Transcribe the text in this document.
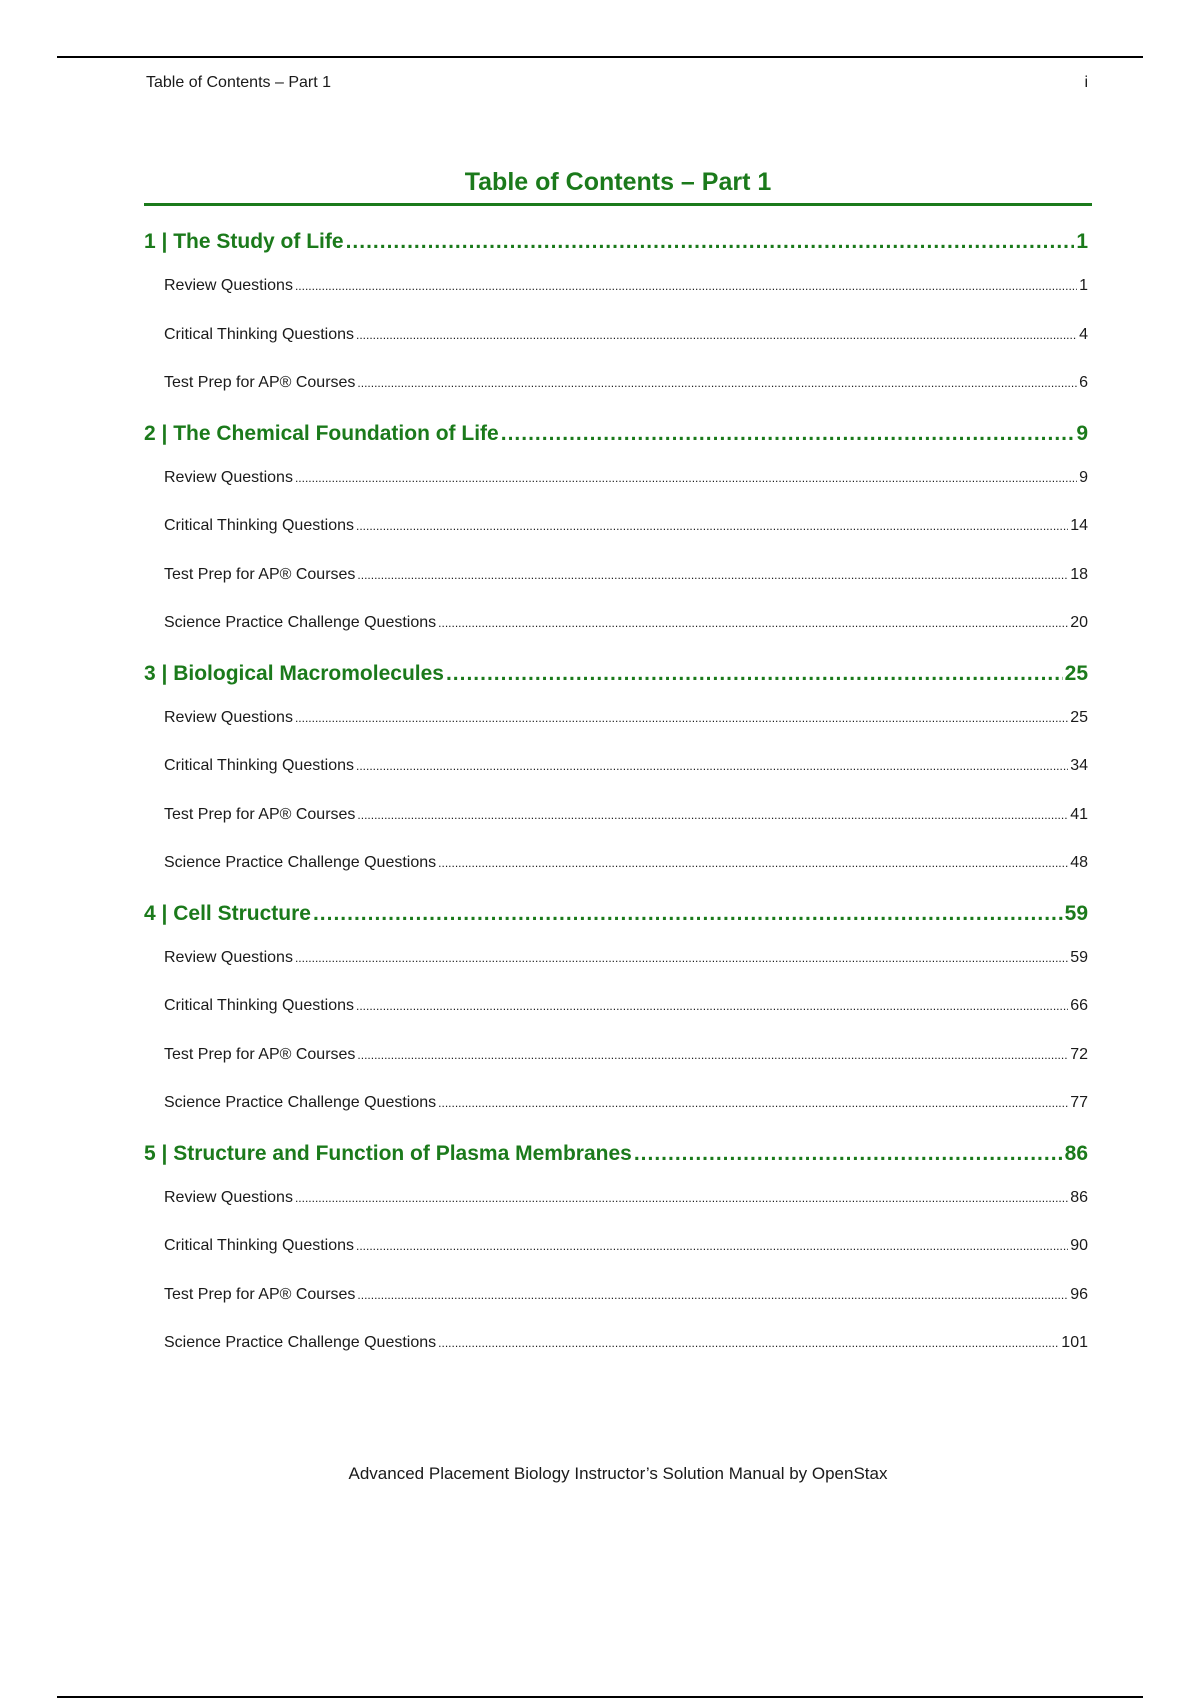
Table of Contents – Part 1	i
Table of Contents – Part 1
1 | The Study of Life .....	1
Review Questions .....	1
Critical Thinking Questions .....	4
Test Prep for AP® Courses .....	6
2 | The Chemical Foundation of Life .....	9
Review Questions .....	9
Critical Thinking Questions .....	14
Test Prep for AP® Courses .....	18
Science Practice Challenge Questions .....	20
3 | Biological Macromolecules .....	25
Review Questions .....	25
Critical Thinking Questions .....	34
Test Prep for AP® Courses .....	41
Science Practice Challenge Questions .....	48
4 | Cell Structure .....	59
Review Questions .....	59
Critical Thinking Questions .....	66
Test Prep for AP® Courses .....	72
Science Practice Challenge Questions .....	77
5 | Structure and Function of Plasma Membranes .....	86
Review Questions .....	86
Critical Thinking Questions .....	90
Test Prep for AP® Courses .....	96
Science Practice Challenge Questions .....	101
Advanced Placement Biology Instructor’s Solution Manual by OpenStax
